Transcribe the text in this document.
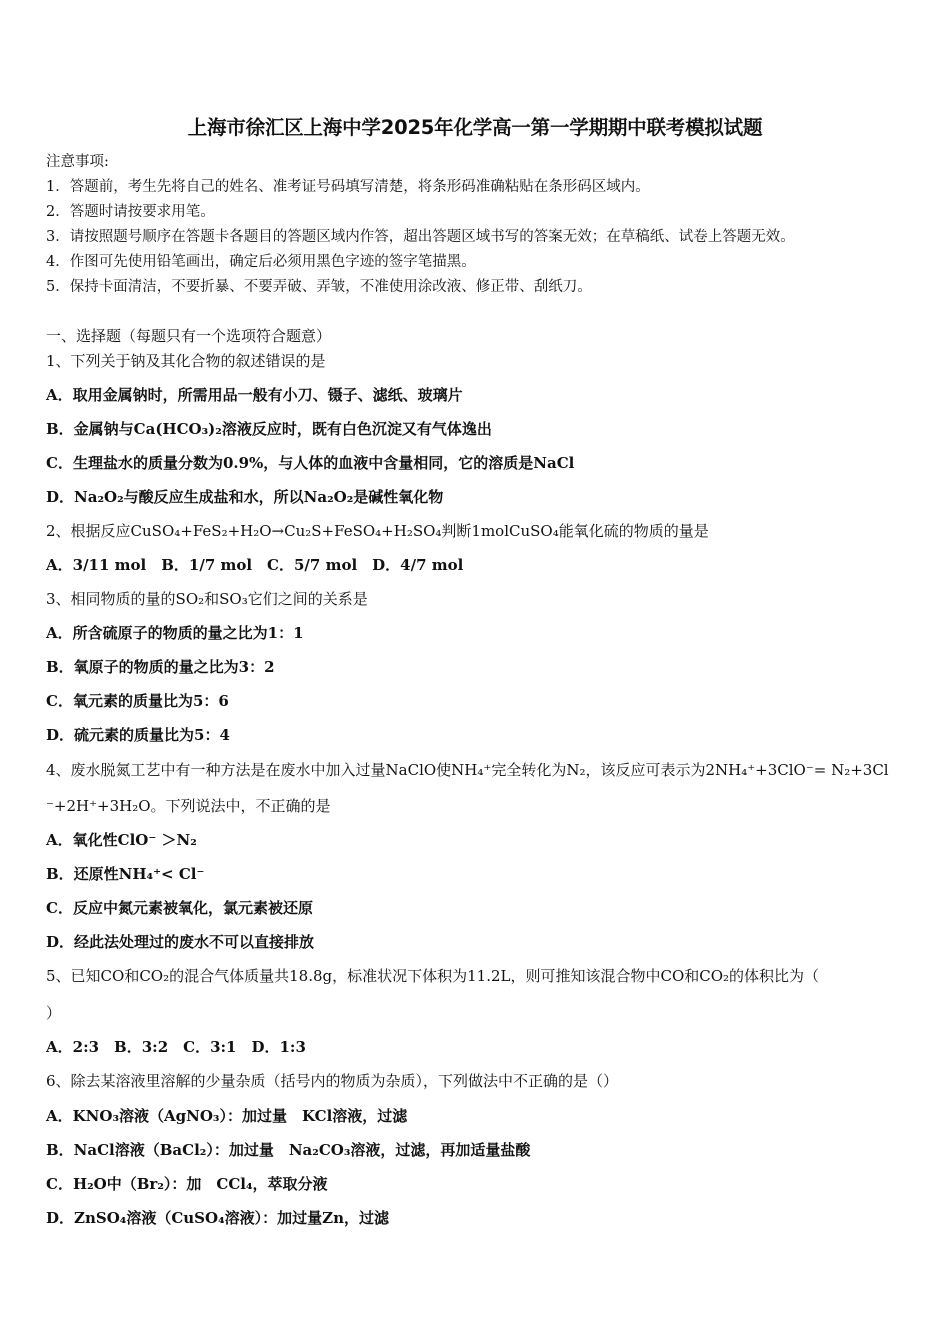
上海市徐汇区上海中学2025年化学高一第一学期期中联考模拟试题
注意事项:
1．答题前，考生先将自己的姓名、准考证号码填写清楚，将条形码准确粘贴在条形码区域内。
2．答题时请按要求用笔。
3．请按照题号顺序在答题卡各题目的答题区域内作答，超出答题区域书写的答案无效；在草稿纸、试卷上答题无效。
4．作图可先使用铅笔画出，确定后必须用黑色字迹的签字笔描黑。
5．保持卡面清洁，不要折暴、不要弄破、弄皱，不准使用涂改液、修正带、刮纸刀。
一、选择题（每题只有一个选项符合题意）
1、下列关于钠及其化合物的叙述错误的是
A．取用金属钠时，所需用品一般有小刀、镊子、滤纸、玻璃片
B．金属钠与Ca(HCO₃)₂溶液反应时，既有白色沉淀又有气体逸出
C．生理盐水的质量分数为0.9%，与人体的血液中含量相同，它的溶质是NaCl
D．Na₂O₂与酸反应生成盐和水，所以Na₂O₂是碱性氧化物
2、根据反应CuSO₄+FeS₂+H₂O→Cu₂S+FeSO₄+H₂SO₄判断1molCuSO₄能氧化硫的物质的量是
A．3/11 mol　B．1/7 mol　C．5/7 mol　D．4/7 mol
3、相同物质的量的SO₂和SO₃它们之间的关系是
A．所含硫原子的物质的量之比为1：1
B．氧原子的物质的量之比为3：2
C．氧元素的质量比为5：6
D．硫元素的质量比为5：4
4、废水脱氮工艺中有一种方法是在废水中加入过量NaClO使NH₄⁺完全转化为N₂，该反应可表示为2NH₄⁺+3ClO⁻= N₂+3Cl
⁻+2H⁺+3H₂O。下列说法中，不正确的是
A．氧化性ClO⁻ ＞N₂
B．还原性NH₄⁺< Cl⁻
C．反应中氮元素被氧化，氯元素被还原
D．经此法处理过的废水不可以直接排放
5、已知CO和CO₂的混合气体质量共18.8g，标准状况下体积为11.2L，则可推知该混合物中CO和CO₂的体积比为（
）
A．2:3　B．3:2　C．3:1　D．1:3
6、除去某溶液里溶解的少量杂质（括号内的物质为杂质），下列做法中不正确的是（）
A．KNO₃溶液（AgNO₃）：加过量　KCl溶液，过滤
B．NaCl溶液（BaCl₂）：加过量　Na₂CO₃溶液，过滤，再加适量盐酸
C．H₂O中（Br₂）：加　CCl₄，萃取分液
D．ZnSO₄溶液（CuSO₄溶液）：加过量Zn，过滤
